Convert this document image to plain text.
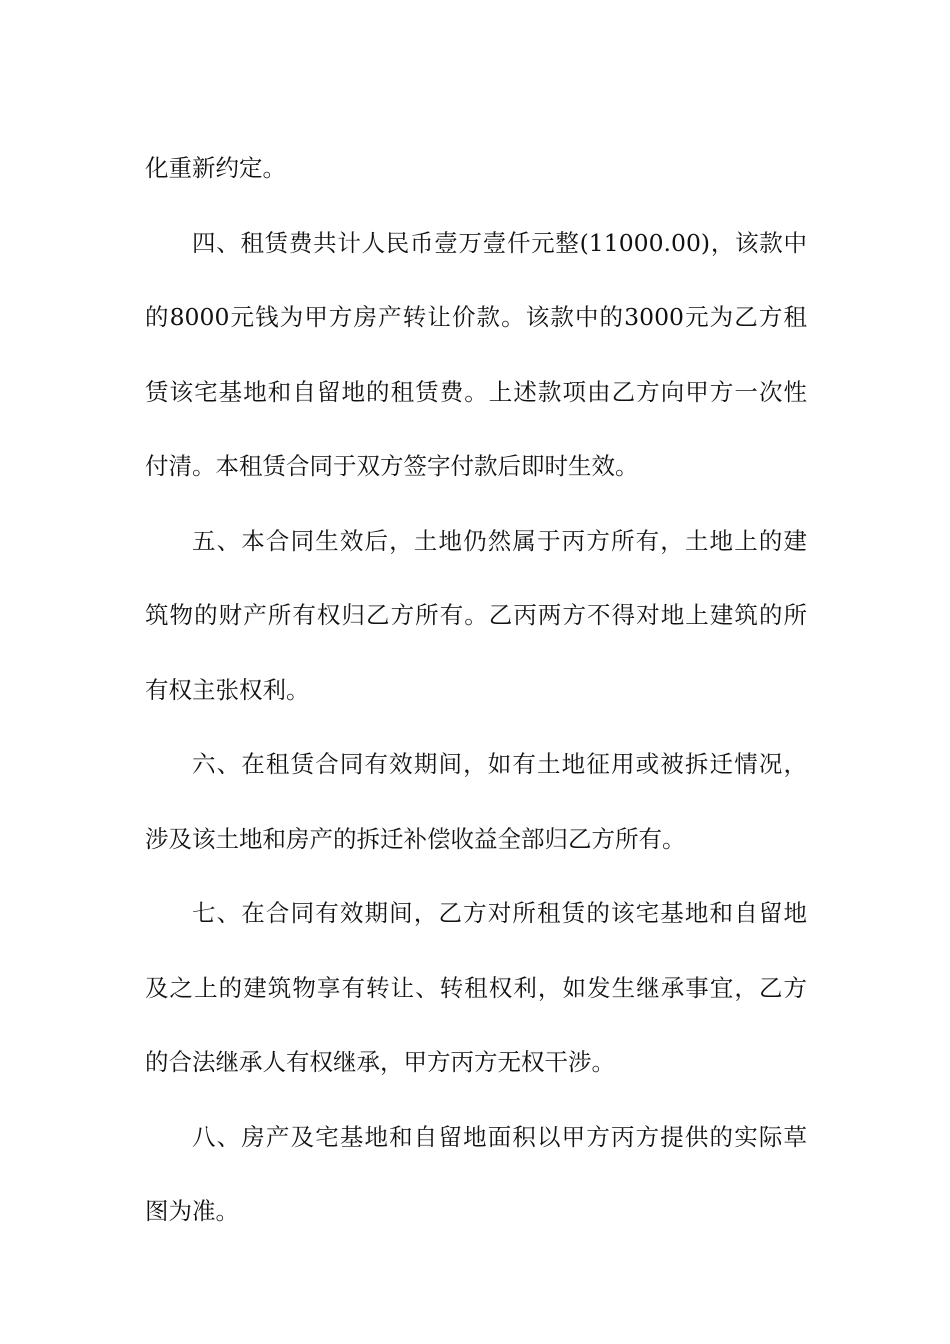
化重新约定。

四、租赁费共计人民币壹万壹仟元整(11000.00)，该款中
的8000元钱为甲方房产转让价款。该款中的3000元为乙方租
赁该宅基地和自留地的租赁费。上述款项由乙方向甲方一次性
付清。本租赁合同于双方签字付款后即时生效。

五、本合同生效后，土地仍然属于丙方所有，土地上的建
筑物的财产所有权归乙方所有。乙丙两方不得对地上建筑的所
有权主张权利。

六、在租赁合同有效期间，如有土地征用或被拆迁情况，
涉及该土地和房产的拆迁补偿收益全部归乙方所有。

七、在合同有效期间，乙方对所租赁的该宅基地和自留地
及之上的建筑物享有转让、转租权利，如发生继承事宜，乙方
的合法继承人有权继承，甲方丙方无权干涉。

八、房产及宅基地和自留地面积以甲方丙方提供的实际草
图为准。
